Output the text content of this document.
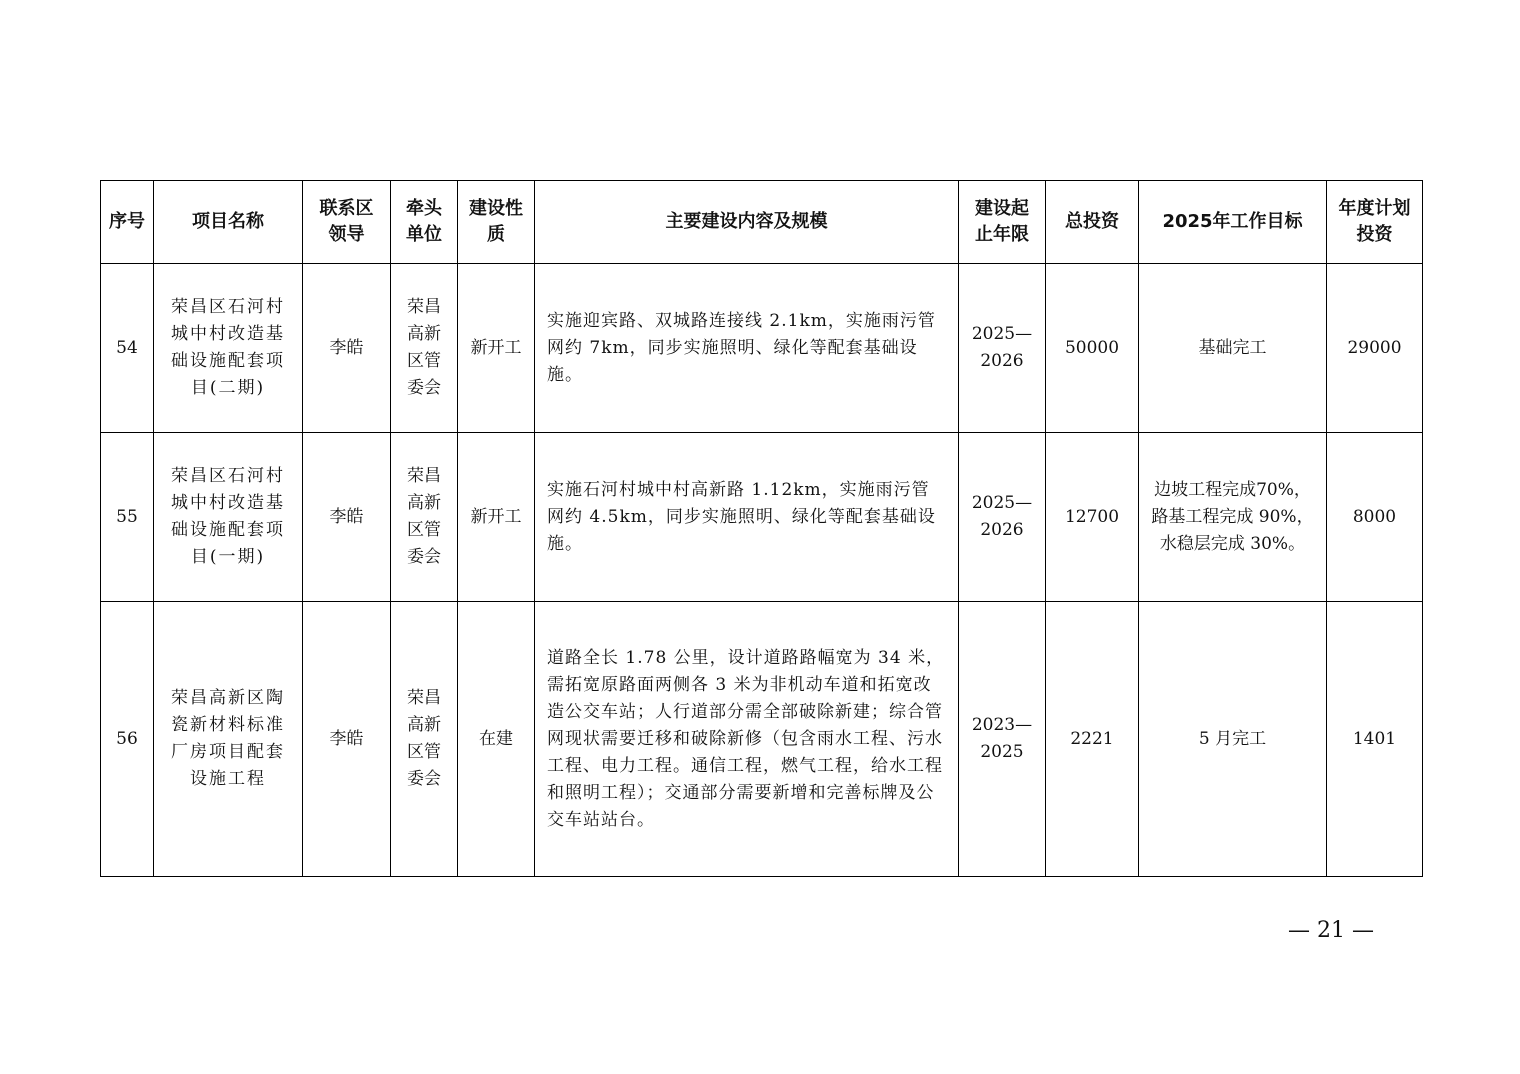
序号	项目名称	联系区领导	牵头单位	建设性质	主要建设内容及规模	建设起止年限	总投资	2025年工作目标	年度计划投资
54	荣昌区石河村城中村改造基础设施配套项目(二期)	李皓	荣昌高新区管委会	新开工	实施迎宾路、双城路连接线 2.1km，实施雨污管网约 7km，同步实施照明、绿化等配套基础设施。	2025—2026	50000	基础完工	29000
55	荣昌区石河村城中村改造基础设施配套项目(一期)	李皓	荣昌高新区管委会	新开工	实施石河村城中村高新路 1.12km，实施雨污管网约 4.5km，同步实施照明、绿化等配套基础设施。	2025—2026	12700	边坡工程完成70%，路基工程完成 90%，水稳层完成 30%。	8000
56	荣昌高新区陶瓷新材料标准厂房项目配套设施工程	李皓	荣昌高新区管委会	在建	道路全长 1.78 公里，设计道路路幅宽为 34 米，需拓宽原路面两侧各 3 米为非机动车道和拓宽改造公交车站；人行道部分需全部破除新建；综合管网现状需要迁移和破除新修（包含雨水工程、污水工程、电力工程。通信工程，燃气工程，给水工程和照明工程）；交通部分需要新增和完善标牌及公交车站站台。	2023—2025	2221	5 月完工	1401
— 21 —
